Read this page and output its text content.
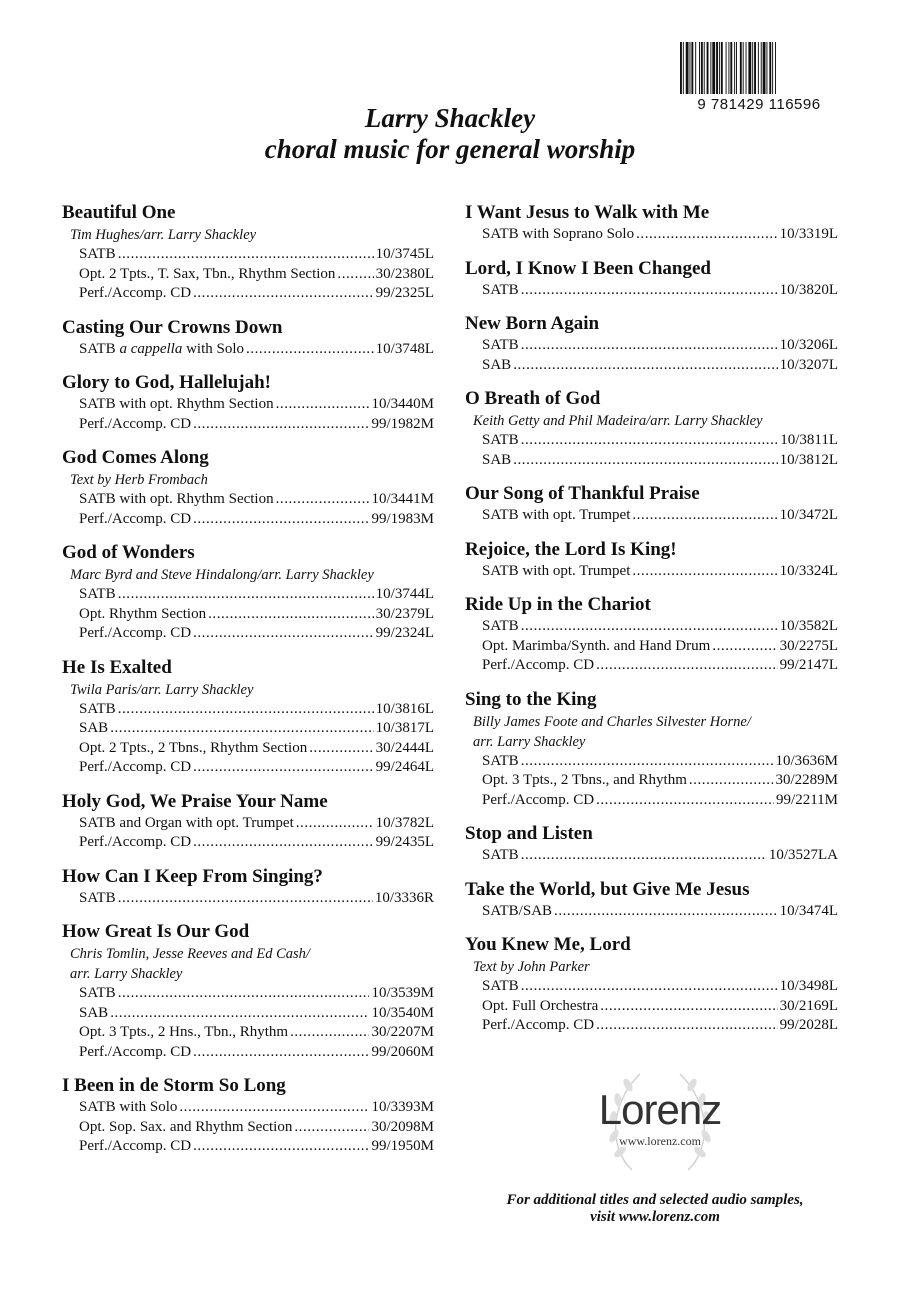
9 781429 116596
Larry Shackley
choral music for general worship
Beautiful One
Tim Hughes/arr. Larry Shackley
SATB . . .	10/3745L
Opt. 2 Tpts., T. Sax, Tbn., Rhythm Section . . .	30/2380L
Perf./Accomp. CD . . .	99/2325L
Casting Our Crowns Down
SATB a cappella with Solo . . .	10/3748L
Glory to God, Hallelujah!
SATB with opt. Rhythm Section . . .	10/3440M
Perf./Accomp. CD . . .	99/1982M
God Comes Along
Text by Herb Frombach
SATB with opt. Rhythm Section . . .	10/3441M
Perf./Accomp. CD . . .	99/1983M
God of Wonders
Marc Byrd and Steve Hindalong/arr. Larry Shackley
SATB . . .	10/3744L
Opt. Rhythm Section . . .	30/2379L
Perf./Accomp. CD . . .	99/2324L
He Is Exalted
Twila Paris/arr. Larry Shackley
SATB . . .	10/3816L
SAB . . .	10/3817L
Opt. 2 Tpts., 2 Tbns., Rhythm Section . . .	30/2444L
Perf./Accomp. CD . . .	99/2464L
Holy God, We Praise Your Name
SATB and Organ with opt. Trumpet . . .	10/3782L
Perf./Accomp. CD . . .	99/2435L
How Can I Keep From Singing?
SATB . . .	10/3336R
How Great Is Our God
Chris Tomlin, Jesse Reeves and Ed Cash/
arr. Larry Shackley
SATB . . .	10/3539M
SAB . . .	10/3540M
Opt. 3 Tpts., 2 Hns., Tbn., Rhythm . . .	30/2207M
Perf./Accomp. CD . . .	99/2060M
I Been in de Storm So Long
SATB with Solo . . .	10/3393M
Opt. Sop. Sax. and Rhythm Section . . .	30/2098M
Perf./Accomp. CD . . .	99/1950M
I Want Jesus to Walk with Me
SATB with Soprano Solo . . .	10/3319L
Lord, I Know I Been Changed
SATB . . .	10/3820L
New Born Again
SATB . . .	10/3206L
SAB . . .	10/3207L
O Breath of God
Keith Getty and Phil Madeira/arr. Larry Shackley
SATB . . .	10/3811L
SAB . . .	10/3812L
Our Song of Thankful Praise
SATB with opt. Trumpet . . .	10/3472L
Rejoice, the Lord Is King!
SATB with opt. Trumpet . . .	10/3324L
Ride Up in the Chariot
SATB . . .	10/3582L
Opt. Marimba/Synth. and Hand Drum . . .	30/2275L
Perf./Accomp. CD . . .	99/2147L
Sing to the King
Billy James Foote and Charles Silvester Horne/
arr. Larry Shackley
SATB . . .	10/3636M
Opt. 3 Tpts., 2 Tbns., and Rhythm . . .	30/2289M
Perf./Accomp. CD . . .	99/2211M
Stop and Listen
SATB . . .	10/3527LA
Take the World, but Give Me Jesus
SATB/SAB . . .	10/3474L
You Knew Me, Lord
Text by John Parker
SATB . . .	10/3498L
Opt. Full Orchestra . . .	30/2169L
Perf./Accomp. CD . . .	99/2028L
Lorenz
www.lorenz.com
For additional titles and selected audio samples,
visit www.lorenz.com
